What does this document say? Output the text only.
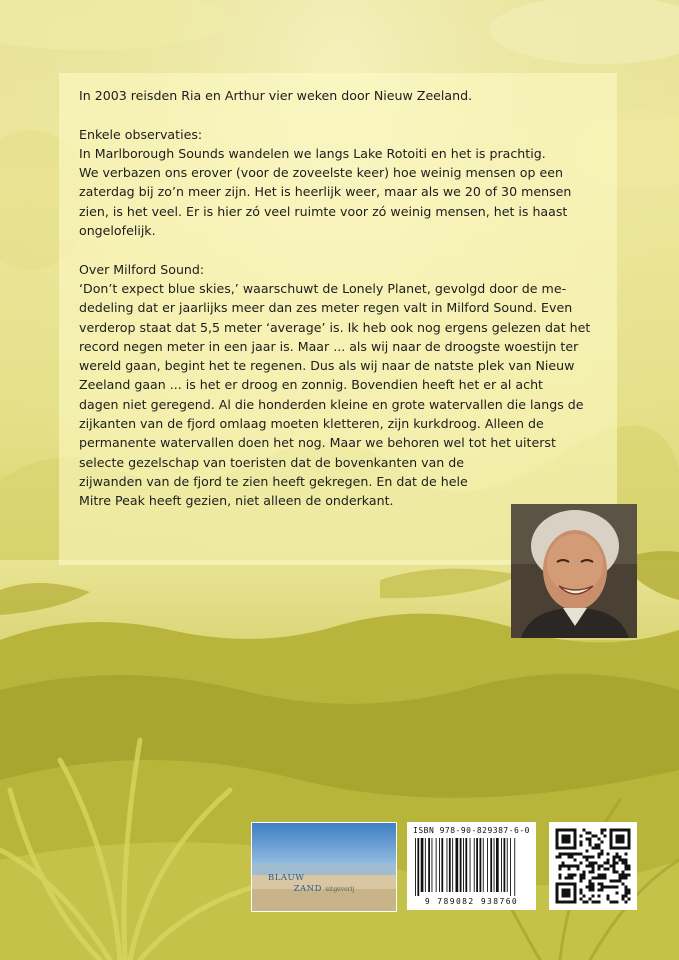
In 2003 reisden Ria en Arthur vier weken door Nieuw Zeeland.

Enkele observaties:

In Marlborough Sounds wandelen we langs Lake Rotoiti en het is prachtig.

We verbazen ons erover (voor de zoveelste keer) hoe weinig mensen op een

zaterdag bij zo’n meer zijn. Het is heerlijk weer, maar als we 20 of 30 mensen

zien, is het veel. Er is hier zó veel ruimte voor zó weinig mensen, het is haast

ongelofelijk.

Over Milford Sound:

‘Don’t expect blue skies,’ waarschuwt de Lonely Planet, gevolgd door de me-

dedeling dat er jaarlijks meer dan zes meter regen valt in Milford Sound. Even

verderop staat dat 5,5 meter ‘average’ is. Ik heb ook nog ergens gelezen dat het

record negen meter in een jaar is. Maar ... als wij naar de droogste woestijn ter

wereld gaan, begint het te regenen. Dus als wij naar de natste plek van Nieuw

Zeeland gaan ... is het er droog en zonnig. Bovendien heeft het er al acht

dagen niet geregend. Al die honderden kleine en grote watervallen die langs de

zijkanten van de fjord omlaag moeten kletteren, zijn kurkdroog. Alleen de

permanente watervallen doen het nog. Maar we behoren wel tot het uiterst

selecte gezelschap van toeristen dat de bovenkanten van de

zijwanden van de fjord te zien heeft gekregen. En dat de hele

Mitre Peak heeft gezien, niet alleen de onderkant.

BLAUW
ZAND uitgeverij
ISBN 978-90-829387-6-0
9 789082 938760
